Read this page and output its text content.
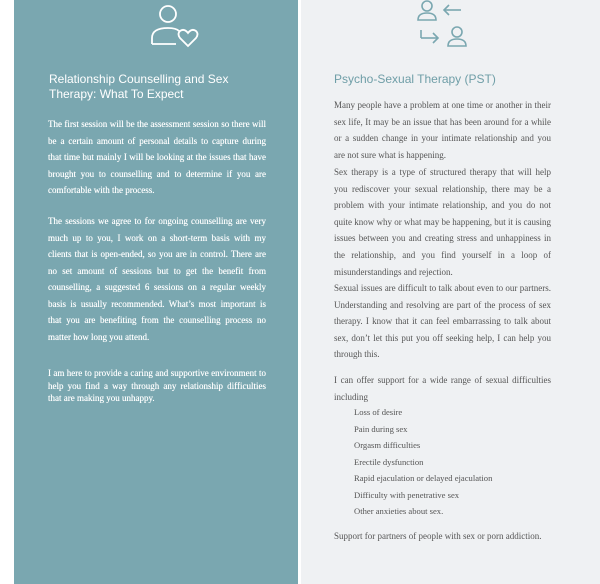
Relationship Counselling and Sex Therapy: What To Expect
The first session will be the assessment session so there will be a certain amount of personal details to capture during that time but mainly I will be looking at the issues that have brought you to counselling and to determine if you are comfortable with the process.
The sessions we agree to for ongoing counselling are very much up to you, I work on a short-term basis with my clients that is open-ended, so you are in control. There are no set amount of sessions but to get the benefit from counselling, a suggested 6 sessions on a regular weekly basis is usually recommended. What’s most important is that you are benefiting from the counselling process no matter how long you attend.
I am here to provide a caring and supportive environment to help you find a way through any relationship difficulties that are making you unhappy.
Psycho-Sexual Therapy (PST)
Many people have a problem at one time or another in their sex life, It may be an issue that has been around for a while or a sudden change in your intimate relationship and you are not sure what is happening.
Sex therapy is a type of structured therapy that will help you rediscover your sexual relationship, there may be a problem with your intimate relationship, and you do not quite know why or what may be happening, but it is causing issues between you and creating stress and unhappiness in the relationship, and you find yourself in a loop of misunderstandings and rejection.
Sexual issues are difficult to talk about even to our partners. Understanding and resolving are part of the process of sex therapy. I know that it can feel embarrassing to talk about sex, don’t let this put you off seeking help, I can help you through this.
I can offer support for a wide range of sexual difficulties including
Loss of desire
Pain during sex
Orgasm difficulties
Erectile dysfunction
Rapid ejaculation or delayed ejaculation
Difficulty with penetrative sex
Other anxieties about sex.
Support for partners of people with sex or porn addiction.
